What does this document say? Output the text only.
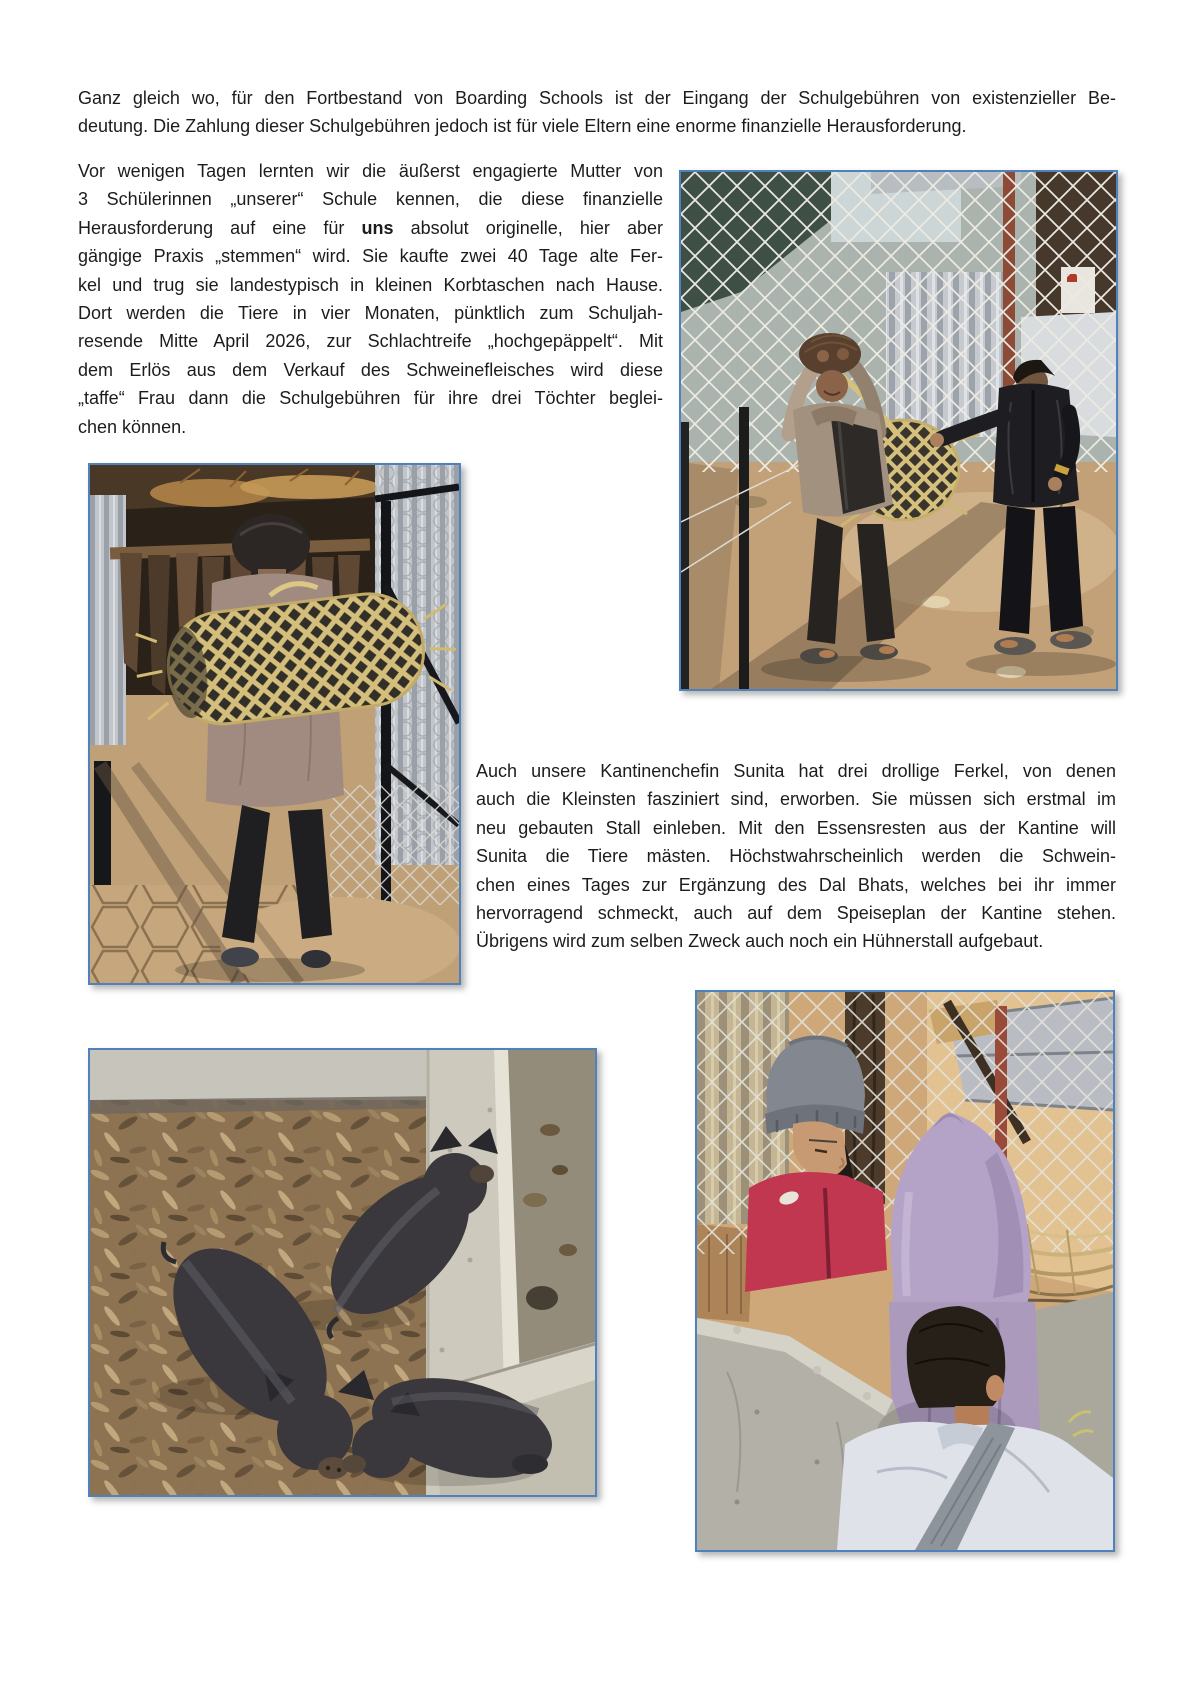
Ganz gleich wo, für den Fortbestand von Boarding Schools ist der Eingang der Schulgebühren von existenzieller Be-
deutung. Die Zahlung dieser Schulgebühren jedoch ist für viele Eltern eine enorme finanzielle Herausforderung.
Vor wenigen Tagen lernten wir die äußerst engagierte Mutter von
3 Schülerinnen „unserer“ Schule kennen, die diese finanzielle
Herausforderung auf eine für uns absolut originelle, hier aber
gängige Praxis „stemmen“ wird. Sie kaufte zwei 40 Tage alte Fer-
kel und trug sie landestypisch in kleinen Korbtaschen nach Hause.
Dort werden die Tiere in vier Monaten, pünktlich zum Schuljah-
resende Mitte April 2026, zur Schlachtreife „hochgepäppelt“. Mit
dem Erlös aus dem Verkauf des Schweinefleisches wird diese
„taffe“ Frau dann die Schulgebühren für ihre drei Töchter beglei-
chen können.
Auch unsere Kantinenchefin Sunita hat drei drollige Ferkel, von denen
auch die Kleinsten fasziniert sind, erworben. Sie müssen sich erstmal im
neu gebauten Stall einleben. Mit den Essensresten aus der Kantine will
Sunita die Tiere mästen. Höchstwahrscheinlich werden die Schwein-
chen eines Tages zur Ergänzung des Dal Bhats, welches bei ihr immer
hervorragend schmeckt, auch auf dem Speiseplan der Kantine stehen.
Übrigens wird zum selben Zweck auch noch ein Hühnerstall aufgebaut.
